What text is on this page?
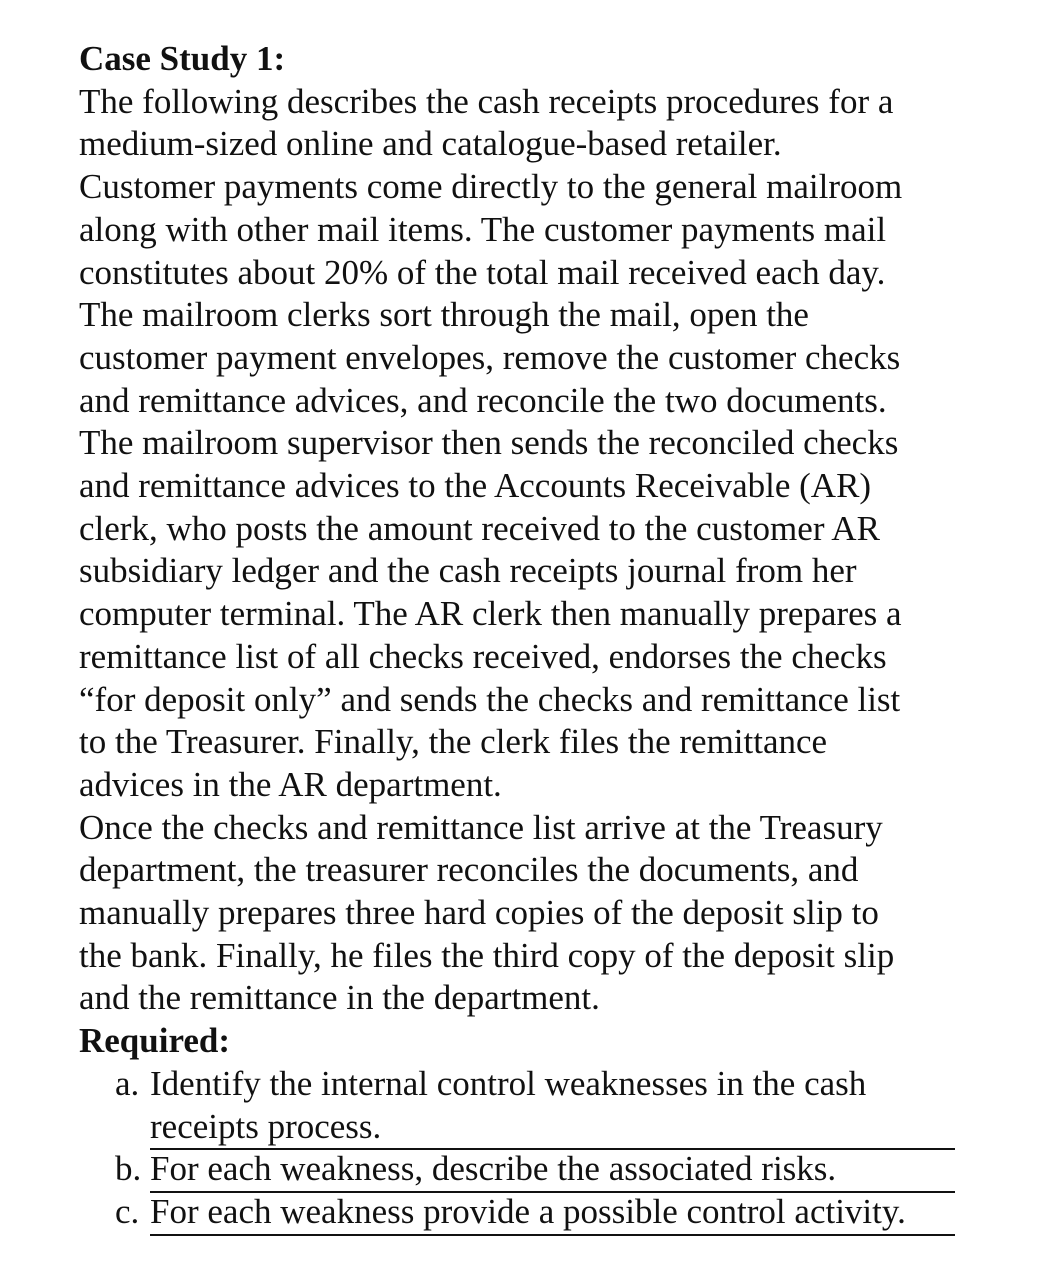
Case Study 1:
The following describes the cash receipts procedures for a
medium-sized online and catalogue-based retailer.
Customer payments come directly to the general mailroom
along with other mail items. The customer payments mail
constitutes about 20% of the total mail received each day.
The mailroom clerks sort through the mail, open the
customer payment envelopes, remove the customer checks
and remittance advices, and reconcile the two documents.
The mailroom supervisor then sends the reconciled checks
and remittance advices to the Accounts Receivable (AR)
clerk, who posts the amount received to the customer AR
subsidiary ledger and the cash receipts journal from her
computer terminal. The AR clerk then manually prepares a
remittance list of all checks received, endorses the checks
“for deposit only” and sends the checks and remittance list
to the Treasurer. Finally, the clerk files the remittance
advices in the AR department.
Once the checks and remittance list arrive at the Treasury
department, the treasurer reconciles the documents, and
manually prepares three hard copies of the deposit slip to
the bank. Finally, he files the third copy of the deposit slip
and the remittance in the department.
Required:
a. Identify the internal control weaknesses in the cash
receipts process.
b. For each weakness, describe the associated risks.
c. For each weakness provide a possible control activity.
